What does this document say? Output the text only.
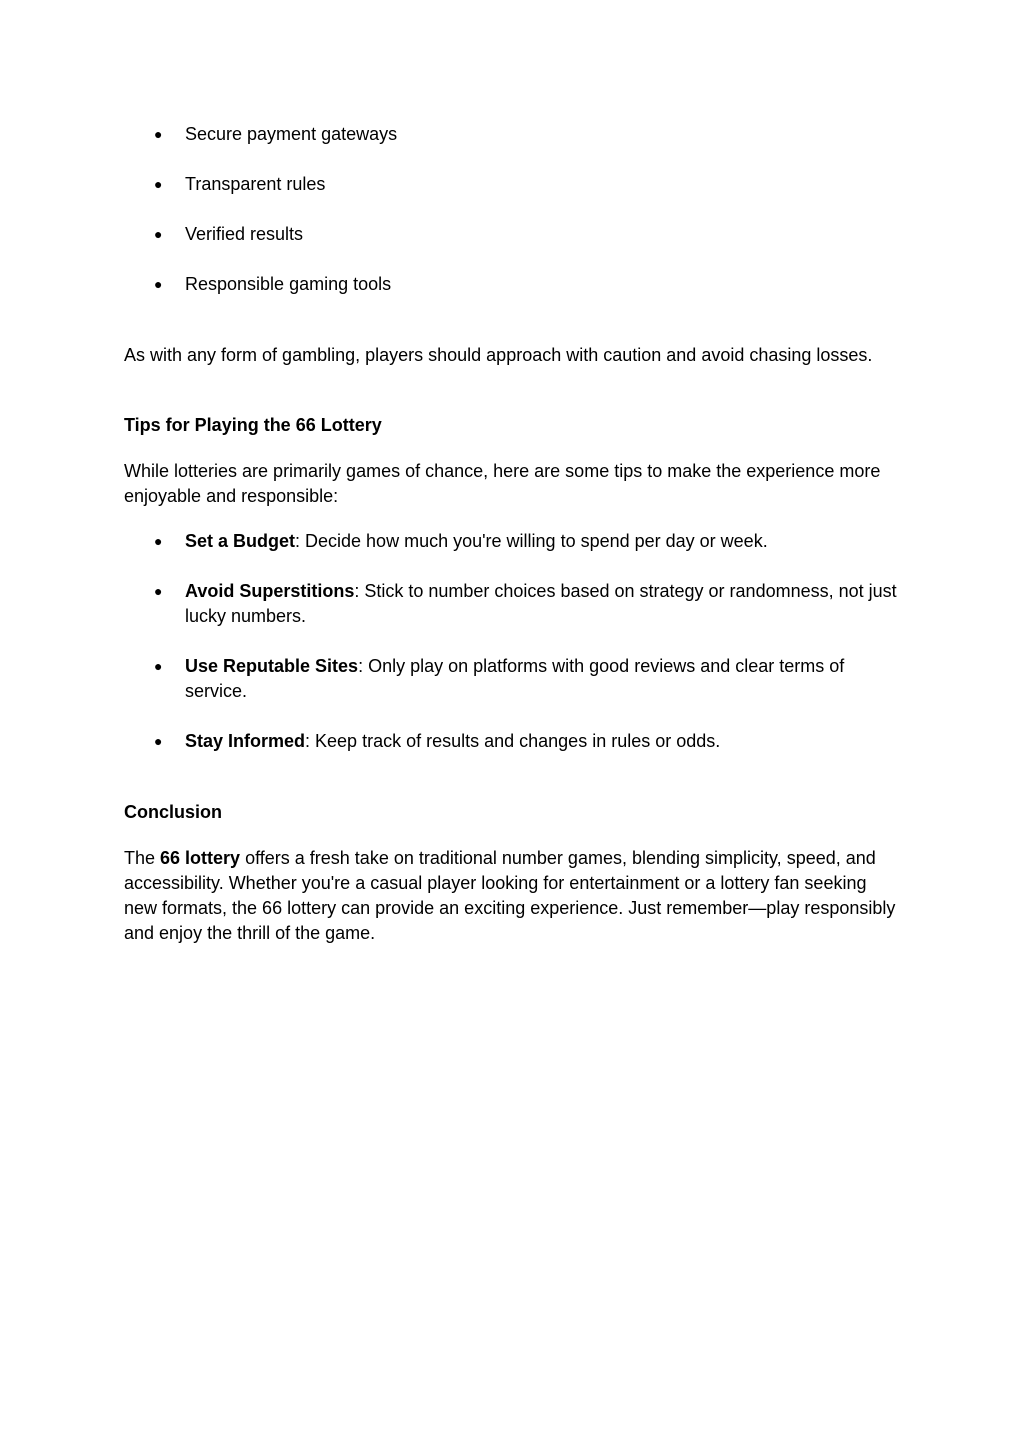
● Secure payment gateways
● Transparent rules
● Verified results
● Responsible gaming tools

As with any form of gambling, players should approach with caution and avoid chasing losses.

Tips for Playing the 66 Lottery

While lotteries are primarily games of chance, here are some tips to make the experience more enjoyable and responsible:

● Set a Budget: Decide how much you're willing to spend per day or week.
● Avoid Superstitions: Stick to number choices based on strategy or randomness, not just lucky numbers.
● Use Reputable Sites: Only play on platforms with good reviews and clear terms of service.
● Stay Informed: Keep track of results and changes in rules or odds.

Conclusion

The 66 lottery offers a fresh take on traditional number games, blending simplicity, speed, and accessibility. Whether you're a casual player looking for entertainment or a lottery fan seeking new formats, the 66 lottery can provide an exciting experience. Just remember—play responsibly and enjoy the thrill of the game.
